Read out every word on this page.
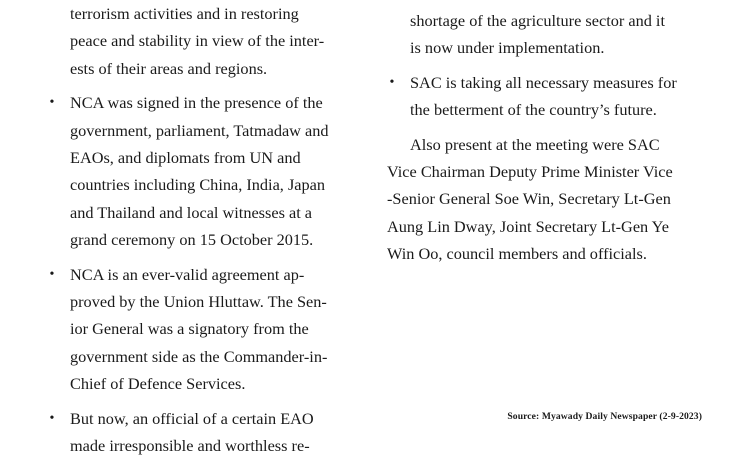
terrorism activities and in restoring
peace and stability in view of the inter-
ests of their areas and regions.
• NCA was signed in the presence of the
government, parliament, Tatmadaw and
EAOs, and diplomats from UN and
countries including China, India, Japan
and Thailand and local witnesses at a
grand ceremony on 15 October 2015.
• NCA is an ever-valid agreement ap-
proved by the Union Hluttaw. The Sen-
ior General was a signatory from the
government side as the Commander-in-
Chief of Defence Services.
• But now, an official of a certain EAO
made irresponsible and worthless re-
shortage of the agriculture sector and it
is now under implementation.
• SAC is taking all necessary measures for
the betterment of the country’s future.
Also present at the meeting were SAC
Vice Chairman Deputy Prime Minister Vice
-Senior General Soe Win, Secretary Lt-Gen
Aung Lin Dway, Joint Secretary Lt-Gen Ye
Win Oo, council members and officials.
Source: Myawady Daily Newspaper (2-9-2023)
